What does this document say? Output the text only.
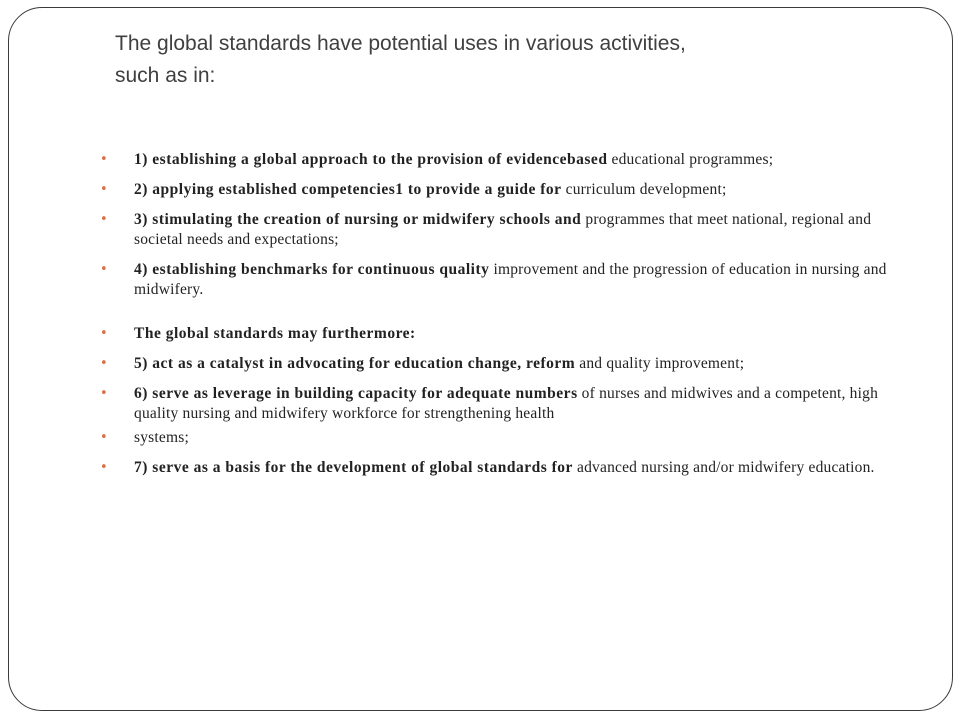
The global standards have potential uses in various activities,
such as in:
• 1) establishing a global approach to the provision of evidencebased educational programmes;
• 2) applying established competencies1 to provide a guide for curriculum development;
• 3) stimulating the creation of nursing or midwifery schools and programmes that meet national, regional and societal needs and expectations;
• 4) establishing benchmarks for continuous quality improvement and the progression of education in nursing and midwifery.
• The global standards may furthermore:
• 5) act as a catalyst in advocating for education change, reform and quality improvement;
• 6) serve as leverage in building capacity for adequate numbers of nurses and midwives and a competent, high quality nursing and midwifery workforce for strengthening health
• systems;
• 7) serve as a basis for the development of global standards for advanced nursing and/or midwifery education.
